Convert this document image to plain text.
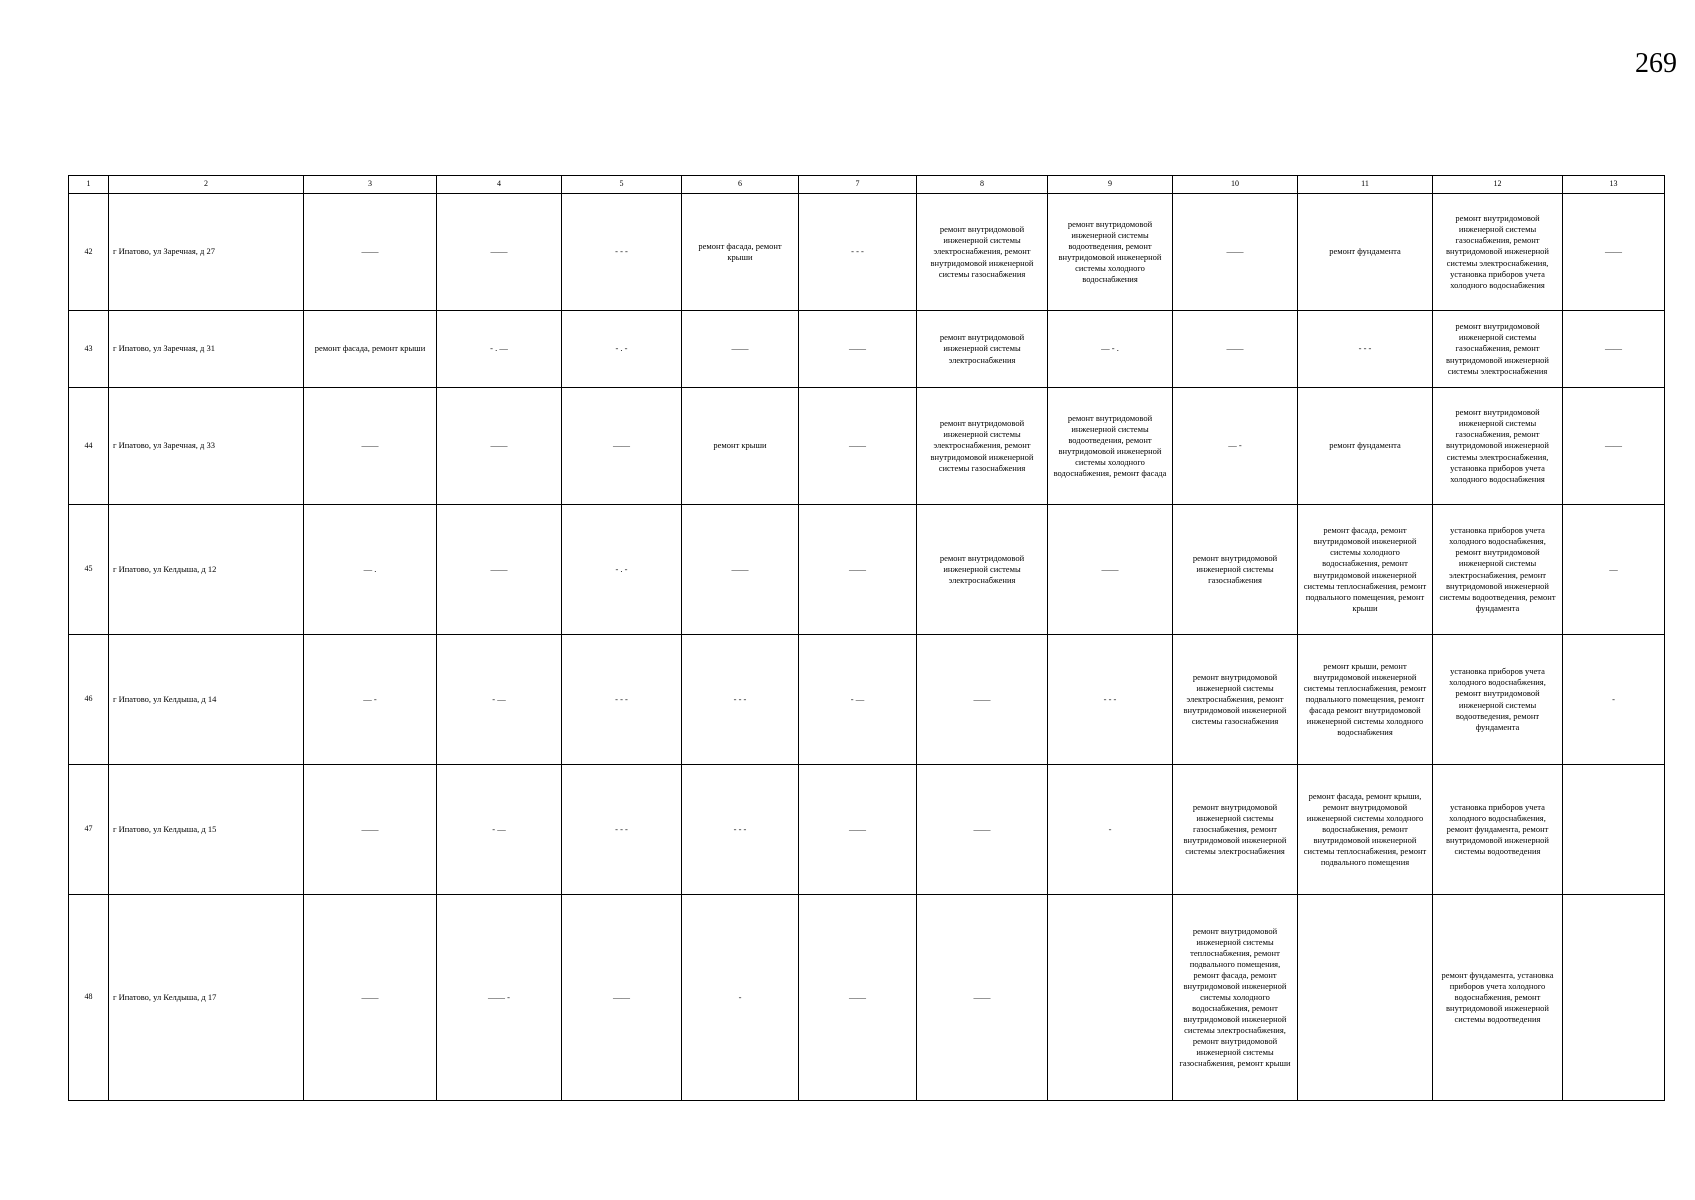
269
1	2	3	4	5	6	7	8	9	10	11	12	13
42	г Ипатово, ул Заречная, д 27	——	——	- - -	ремонт фасада, ремонт крыши	- - -	ремонт внутридомовой инженерной системы электроснабжения, ремонт внутридомовой инженерной системы газоснабжения	ремонт внутридомовой инженерной системы водоотведения, ремонт внутридомовой инженерной системы холодного водоснабжения	——	ремонт фундамента	ремонт внутридомовой инженерной системы газоснабжения, ремонт внутридомовой инженерной системы электроснабжения, установка приборов учета холодного водоснабжения	——
43	г Ипатово, ул Заречная, д 31	ремонт фасада, ремонт крыши	- . —	- . -	——	——	ремонт внутридомовой инженерной системы электроснабжения	— - .	——	- - -	ремонт внутридомовой инженерной системы газоснабжения, ремонт внутридомовой инженерной системы электроснабжения	——
44	г Ипатово, ул Заречная, д 33	——	——	——	ремонт крыши	——	ремонт внутридомовой инженерной системы электроснабжения, ремонт внутридомовой инженерной системы газоснабжения	ремонт внутридомовой инженерной системы водоотведения, ремонт внутридомовой инженерной системы холодного водоснабжения, ремонт фасада	— -	ремонт фундамента	ремонт внутридомовой инженерной системы газоснабжения, ремонт внутридомовой инженерной системы электроснабжения, установка приборов учета холодного водоснабжения	——
45	г Ипатово, ул Келдыша, д 12	— .	——	- . -	——	——	ремонт внутридомовой инженерной системы электроснабжения	——	ремонт внутридомовой инженерной системы газоснабжения	ремонт фасада, ремонт внутридомовой инженерной системы холодного водоснабжения, ремонт внутридомовой инженерной системы теплоснабжения, ремонт подвального помещения, ремонт крыши	установка приборов учета холодного водоснабжения, ремонт внутридомовой инженерной системы электроснабжения, ремонт внутридомовой инженерной системы водоотведения, ремонт фундамента	—
46	г Ипатово, ул Келдыша, д 14	— -	- —	- - -	- - -	- —	——	- - -	ремонт внутридомовой инженерной системы электроснабжения, ремонт внутридомовой инженерной системы газоснабжения	ремонт крыши, ремонт внутридомовой инженерной системы теплоснабжения, ремонт подвального помещения, ремонт фасада ремонт внутридомовой инженерной системы холодного водоснабжения	установка приборов учета холодного водоснабжения, ремонт внутридомовой инженерной системы водоотведения, ремонт фундамента	-
47	г Ипатово, ул Келдыша, д 15	——	- —	- - -	- - -	——	——	-	ремонт внутридомовой инженерной системы газоснабжения, ремонт внутридомовой инженерной системы электроснабжения	ремонт фасада, ремонт крыши, ремонт внутридомовой инженерной системы холодного водоснабжения, ремонт внутридомовой инженерной системы теплоснабжения, ремонт подвального помещения	установка приборов учета холодного водоснабжения, ремонт фундамента, ремонт внутридомовой инженерной системы водоотведения	
48	г Ипатово, ул Келдыша, д 17	——	—— -	——	-	——	——		ремонт внутридомовой инженерной системы теплоснабжения, ремонт подвального помещения, ремонт фасада, ремонт внутридомовой инженерной системы холодного водоснабжения, ремонт внутридомовой инженерной системы электроснабжения, ремонт внутридомовой инженерной системы газоснабжения, ремонт крыши		ремонт фундамента, установка приборов учета холодного водоснабжения, ремонт внутридомовой инженерной системы водоотведения	
